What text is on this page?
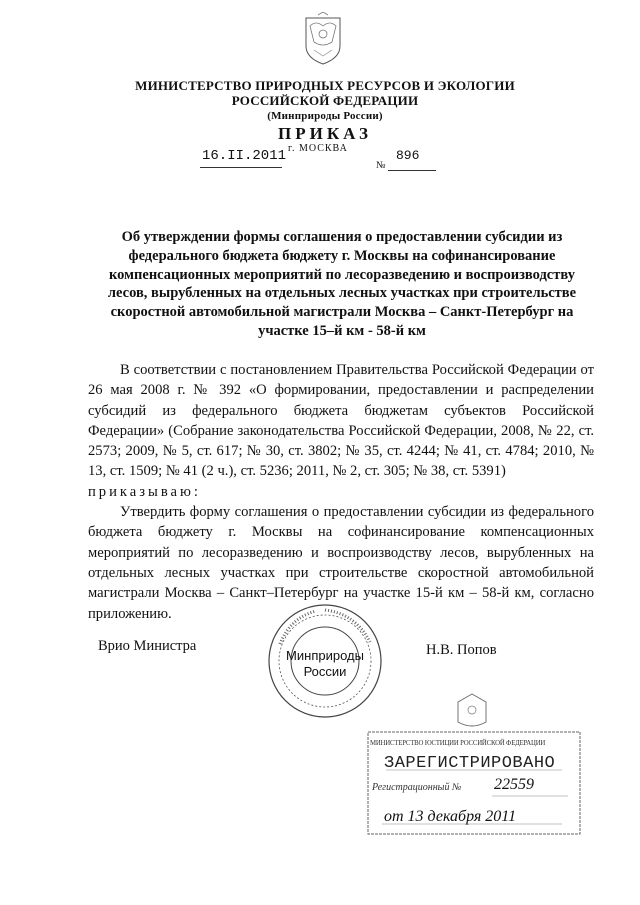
МИНИСТЕРСТВО ПРИРОДНЫХ РЕСУРСОВ И ЭКОЛОГИИ
РОССИЙСКОЙ ФЕДЕРАЦИИ
(Минприроды России)
ПРИКАЗ
16.II.2011 г. МОСКВА
№
896
Об утверждении формы соглашения о предоставлении субсидии из федерального бюджета бюджету г. Москвы на софинансирование компенсационных мероприятий по лесоразведению и воспроизводству лесов, вырубленных на отдельных лесных участках при строительстве скоростной автомобильной магистрали Москва – Санкт-Петербург на участке 15–й км - 58-й км

В соответствии с постановлением Правительства Российской Федерации от 26 мая 2008 г. № 392 «О формировании, предоставлении и распределении субсидий из федерального бюджета бюджетам субъектов Российской Федерации» (Собрание законодательства Российской Федерации, 2008, № 22, ст. 2573; 2009, № 5, ст. 617; № 30, ст. 3802; № 35, ст. 4244; № 41, ст. 4784; 2010, № 13, ст. 1509; № 41 (2 ч.), ст. 5236; 2011, № 2, ст. 305; № 38, ст. 5391)

приказываю:

Утвердить форму соглашения о предоставлении субсидии из федерального бюджета бюджету г. Москвы на софинансирование компенсационных мероприятий по лесоразведению и воспроизводству лесов, вырубленных на отдельных лесных участках при строительстве скоростной автомобильной магистрали Москва – Санкт–Петербург на участке 15-й км – 58-й км, согласно приложению.

Врио Министра	Н.В. Попов
Минприроды
России
МИНИСТЕРСТВО ЮСТИЦИИ РОССИЙСКОЙ ФЕДЕРАЦИИ
ЗАРЕГИСТРИРОВАНО
Регистрационный № 22559
от 13 декабря 2011
